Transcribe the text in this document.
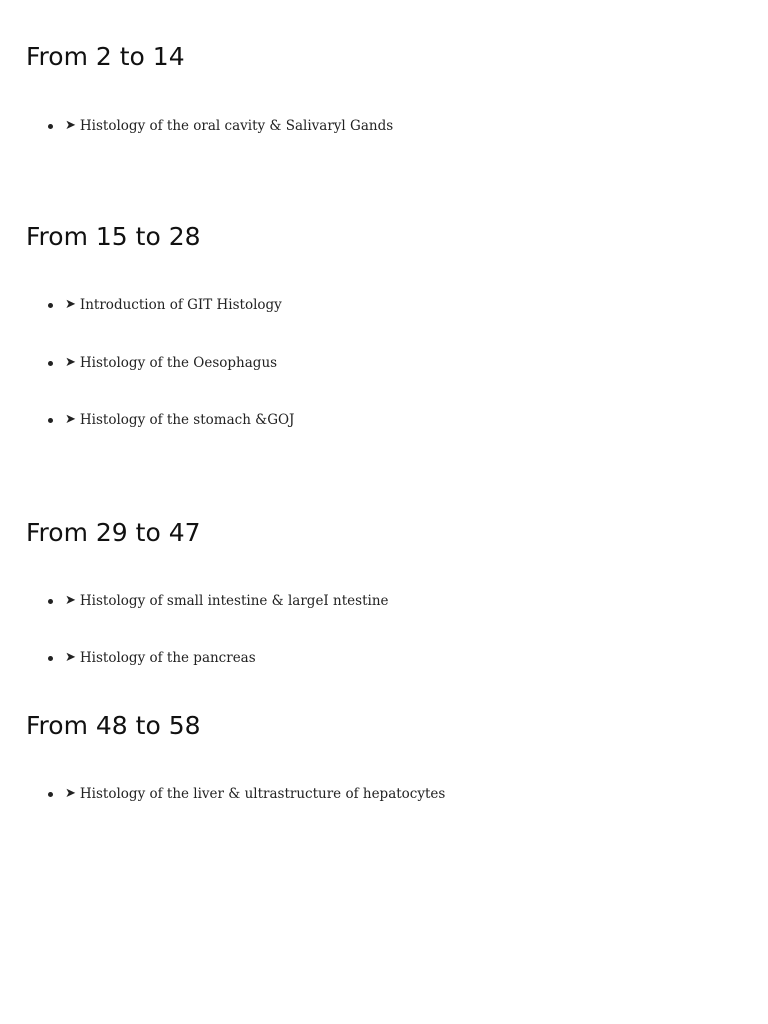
From 2 to 14
➤ Histology of the oral cavity & Salivaryl Gands
From 15 to 28
➤ Introduction of GIT Histology
➤ Histology of the Oesophagus
➤ Histology of the stomach &GOJ
From 29 to 47
➤ Histology of small intestine & largeI ntestine
➤ Histology of the pancreas
From 48 to 58
➤ Histology of the liver & ultrastructure of hepatocytes
